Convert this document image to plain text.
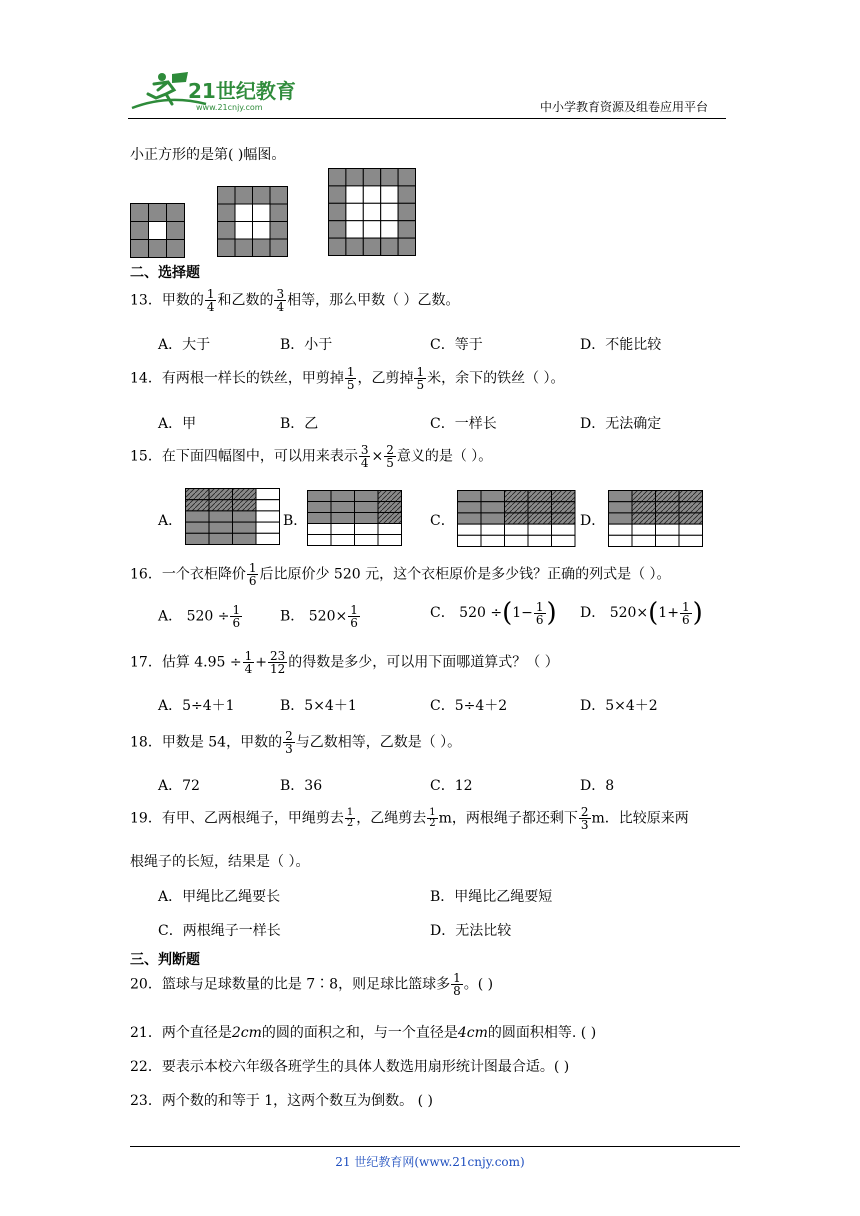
21世纪教育
www.21cnjy.com	中小学教育资源及组卷应用平台
小正方形的是第( )幅图。
二、选择题
13．甲数的 $\frac{1}{4}$ 和乙数的 $\frac{3}{4}$ 相等，那么甲数（ ）乙数。
A．大于	B．小于	C．等于	D．不能比较
14．有两根一样长的铁丝，甲剪掉 $\frac{1}{5}$ ，乙剪掉 $\frac{1}{5}$ 米，余下的铁丝（ ）。
A．甲	B．乙	C．一样长	D．无法确定
15．在下面四幅图中，可以用来表示 $\frac{3}{4} \times \frac{2}{5}$ 意义的是（ ）。
A．	B．	C．	D．
16．一个衣柜降价 $\frac{1}{6}$ 后比原价少 520 元，这个衣柜原价是多少钱？正确的列式是（ ）。
A． $520 \div \frac{1}{6}$	B． $520\times \frac{1}{6}$	C． $520 \div(1- \frac{1}{6}$ ) D． $520\times(1+ \frac{1}{6}$ )
17．估算 $4.95 \div \frac{1}{4} + \frac{23}{12}$ 的得数是多少，可以用下面哪道算式？（ ）
A．5÷4＋1	B．5×4＋1	C．5÷4＋2	D．5×4＋2
18．甲数是 54，甲数的 $\frac{2}{3}$ 与乙数相等，乙数是（ ）。
A．72	B．36	C．12	D．8
19．有甲、乙两根绳子，甲绳剪去 $\frac{1}{2}$ ，乙绳剪去 $\frac{1}{2}$ m，两根绳子都还剩下 $\frac{2}{3}$ m．比较原来两
根绳子的长短，结果是（ ）。
A．甲绳比乙绳要长	B．甲绳比乙绳要短
C．两根绳子一样长	D．无法比较
三、判断题
20．篮球与足球数量的比是 7∶8，则足球比篮球多 $\frac{1}{8}$ 。( )
21．两个直径是2cm的圆的面积之和，与一个直径是4cm的圆面积相等. ( )
22．要表示本校六年级各班学生的具体人数选用扇形统计图最合适。( )
23．两个数的和等于 1，这两个数互为倒数。 ( )
21 世纪教育网(www.21cnjy.com)
